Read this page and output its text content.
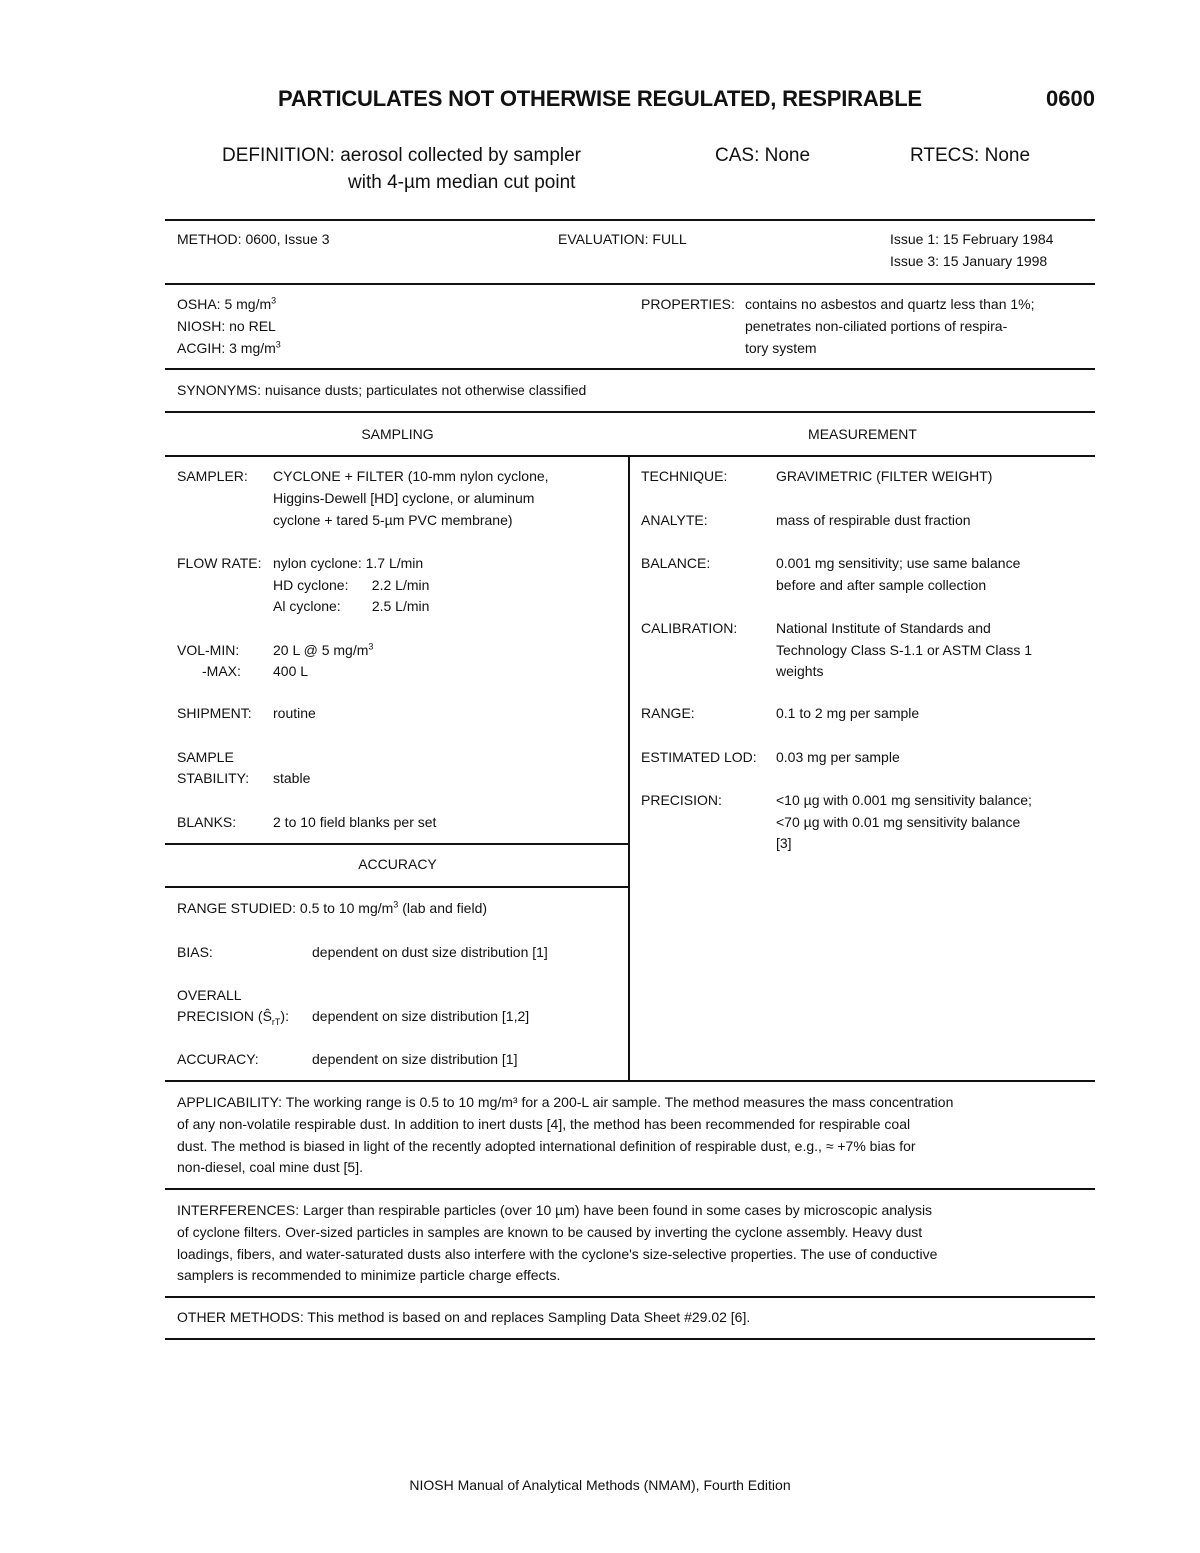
PARTICULATES NOT OTHERWISE REGULATED, RESPIRABLE	0600
DEFINITION: aerosol collected by sampler
with 4-µm median cut point
CAS: None	RTECS: None
METHOD: 0600, Issue 3	EVALUATION: FULL	Issue 1: 15 February 1984
Issue 3: 15 January 1998
OSHA: 5 $mg/m^3$
NIOSH: no REL
ACGIH: 3 $mg/m^3$
PROPERTIES: contains no asbestos and quartz less than 1%;
penetrates non-ciliated portions of respira-
tory system
SYNONYMS: nuisance dusts; particulates not otherwise classified
SAMPLING	MEASUREMENT
SAMPLER: CYCLONE + FILTER (10-mm nylon cyclone,
Higgins-Dewell [HD] cyclone, or aluminum
cyclone + tared 5-µm PVC membrane)
FLOW RATE: nylon cyclone: 1.7 L/min
HD cyclone:      2.2 L/min
Al cyclone:        2.5 L/min
VOL-MIN: 20 L @ 5 $mg/m^3$
-MAX: 400 L
SHIPMENT: routine
SAMPLE
STABILITY: stable
BLANKS:	2 to 10 field blanks per set
ACCURACY
RANGE STUDIED: 0.5 to 10 $mg/m^3$ (lab and field)
BIAS:	dependent on dust size distribution [1]
OVERALL
PRECISION $(Ŝ_{rT})$: dependent on size distribution [1,2]
ACCURACY:	dependent on size distribution [1]
TECHNIQUE:	GRAVIMETRIC (FILTER WEIGHT)
ANALYTE:	mass of respirable dust fraction
BALANCE:	0.001 mg sensitivity; use same balance
before and after sample collection
CALIBRATION:	National Institute of Standards and
Technology Class S-1.1 or ASTM Class 1
weights
RANGE:	0.1 to 2 mg per sample
ESTIMATED LOD: 0.03 mg per sample
PRECISION:	<10 µg with 0.001 mg sensitivity balance;
<70 µg with 0.01 mg sensitivity balance
[3]
APPLICABILITY: The working range is 0.5 to 10 mg/m³ for a 200-L air sample. The method measures the mass concentration
of any non-volatile respirable dust. In addition to inert dusts [4], the method has been recommended for respirable coal
dust. The method is biased in light of the recently adopted international definition of respirable dust, e.g., ≈ +7% bias for
non-diesel, coal mine dust [5].
INTERFERENCES: Larger than respirable particles (over 10 µm) have been found in some cases by microscopic analysis
of cyclone filters. Over-sized particles in samples are known to be caused by inverting the cyclone assembly. Heavy dust
loadings, fibers, and water-saturated dusts also interfere with the cyclone's size-selective properties. The use of conductive
samplers is recommended to minimize particle charge effects.
OTHER METHODS: This method is based on and replaces Sampling Data Sheet #29.02 [6].
NIOSH Manual of Analytical Methods (NMAM), Fourth Edition
